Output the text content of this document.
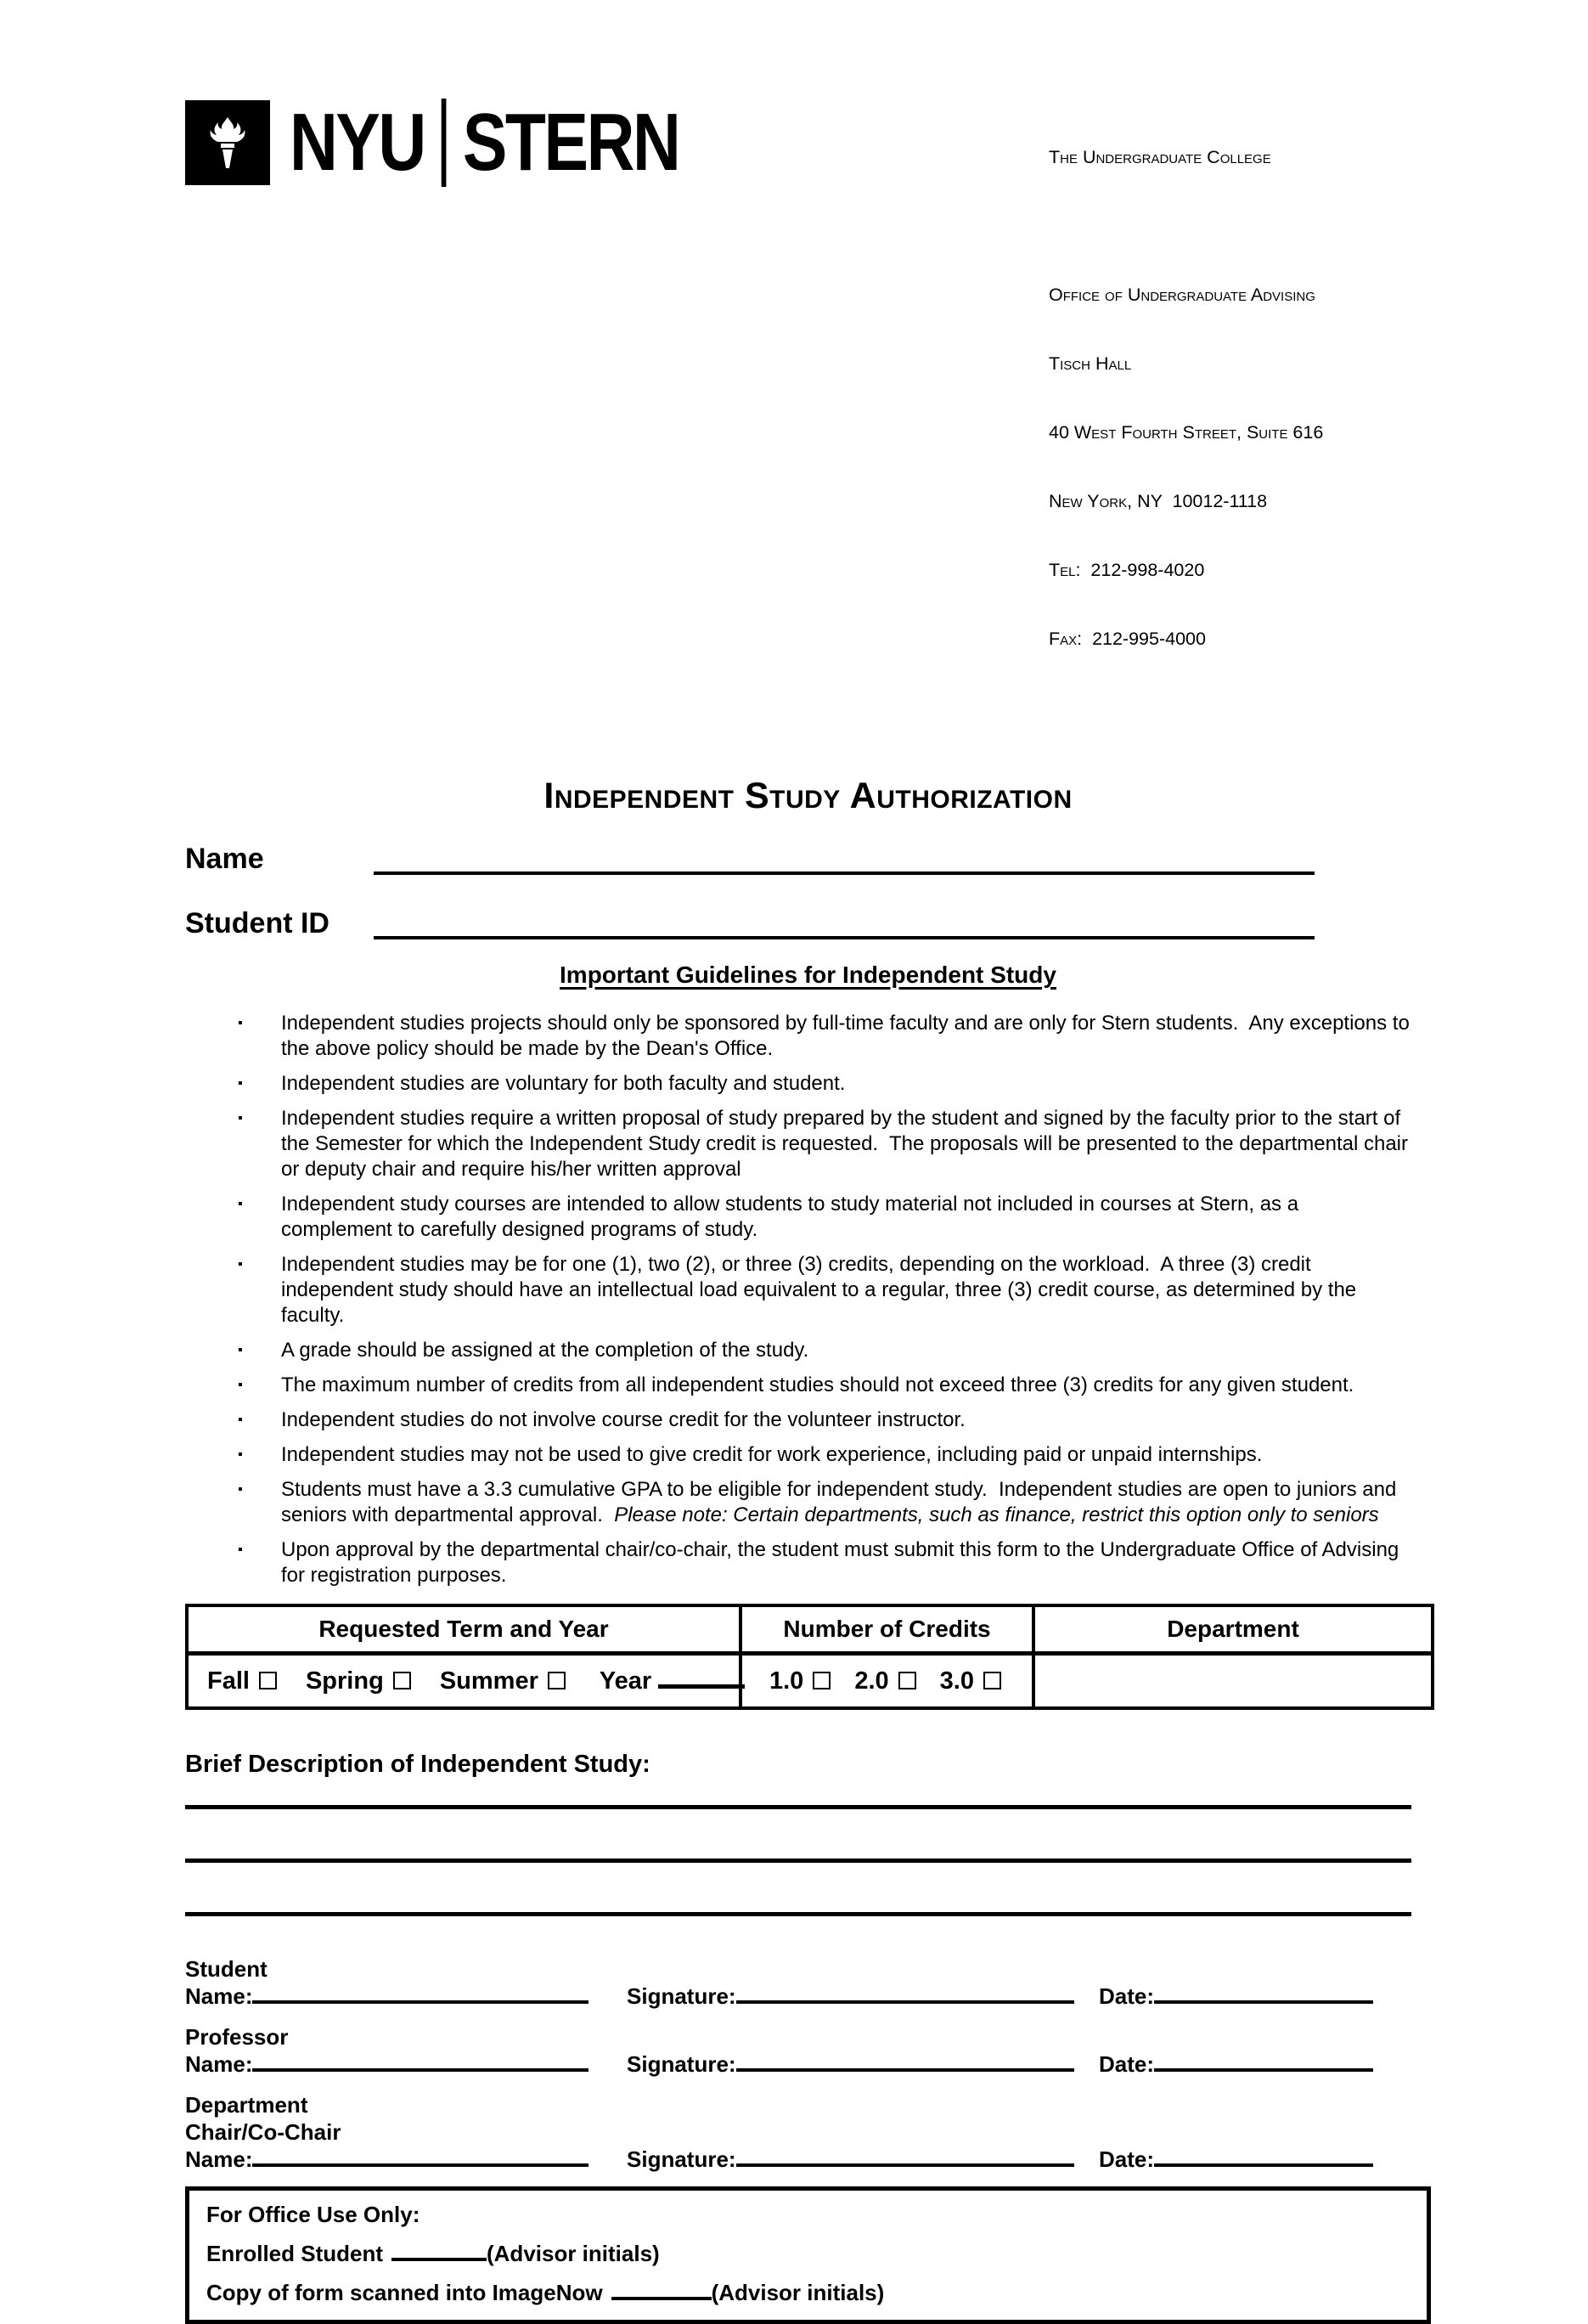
NYU STERN

	The Undergraduate College

Office of Undergraduate Advising

Tisch Hall

40 West Fourth Street, Suite 616

New York, NY  10012-1118

Tel:  212-998-4020

Fax:  212-995-4000

Independent Study Authorization
Name
Student ID
Important Guidelines for Independent Study
▪ Independent studies projects should only be sponsored by full-time faculty and are only for Stern students.  Any exceptions to the above policy should be made by the Dean's Office.
▪ Independent studies are voluntary for both faculty and student.
▪ Independent studies require a written proposal of study prepared by the student and signed by the faculty prior to the start of the Semester for which the Independent Study credit is requested.  The proposals will be presented to the departmental chair or deputy chair and require his/her written approval
▪ Independent study courses are intended to allow students to study material not included in courses at Stern, as a complement to carefully designed programs of study.
▪ Independent studies may be for one (1), two (2), or three (3) credits, depending on the workload.  A three (3) credit independent study should have an intellectual load equivalent to a regular, three (3) credit course, as determined by the faculty.
▪ A grade should be assigned at the completion of the study.
▪ The maximum number of credits from all independent studies should not exceed three (3) credits for any given student.
▪ Independent studies do not involve course credit for the volunteer instructor.
▪ Independent studies may not be used to give credit for work experience, including paid or unpaid internships.
▪ Students must have a 3.3 cumulative GPA to be eligible for independent study.  Independent studies are open to juniors and seniors with departmental approval.  Please note: Certain departments, such as finance, restrict this option only to seniors
▪ Upon approval by the departmental chair/co-chair, the student must submit this form to the Undergraduate Office of Advising for registration purposes.
Requested Term and Year	Number of Credits	Department
Fall Spring Summer Year	1.0 2.0 3.0	
Brief Description of Independent Study:
Student
Name:	Signature:	Date:
Professor
Name:	Signature:	Date:
Department
Chair/Co-Chair
Name:	Signature:	Date:
For Office Use Only:
Enrolled Student	(Advisor initials)
Copy of form scanned into ImageNow	(Advisor initials)
